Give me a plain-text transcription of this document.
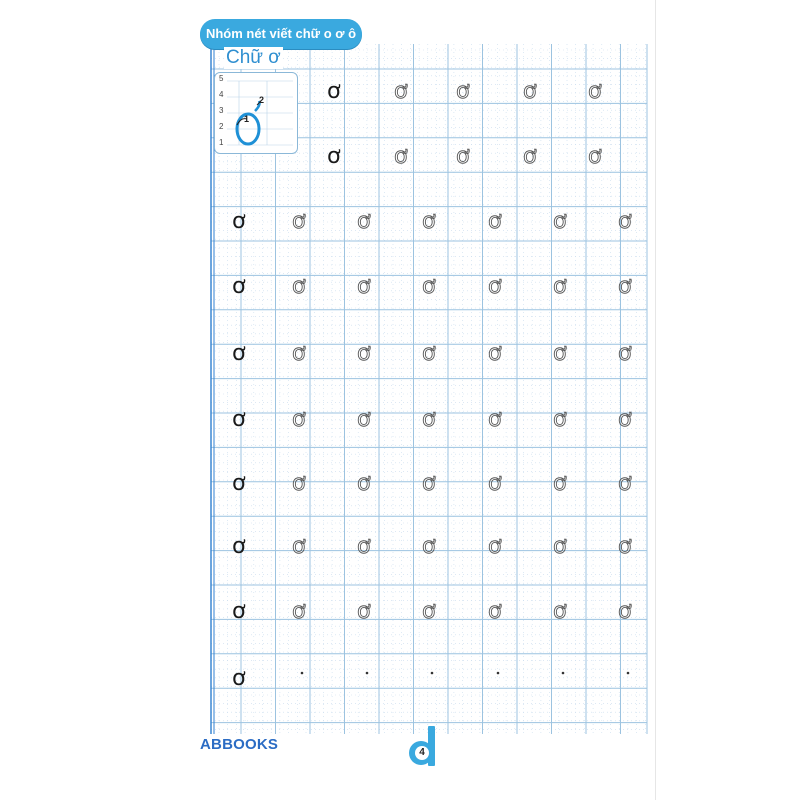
ơ ơ ơ ơ ơ
ơ ơ ơ ơ ơ
ơ ơ ơ ơ ơ ơ ơ
ơ ơ ơ ơ ơ ơ ơ
ơ ơ ơ ơ ơ ơ ơ
ơ ơ ơ ơ ơ ơ ơ
ơ ơ ơ ơ ơ ơ ơ
ơ ơ ơ ơ ơ ơ ơ
ơ ơ ơ ơ ơ ơ ơ
ơ
Nhóm nét viết chữ o ơ ô
Chữ ơ
5
4
3
2
1
1
2
ABBOOKS	4
